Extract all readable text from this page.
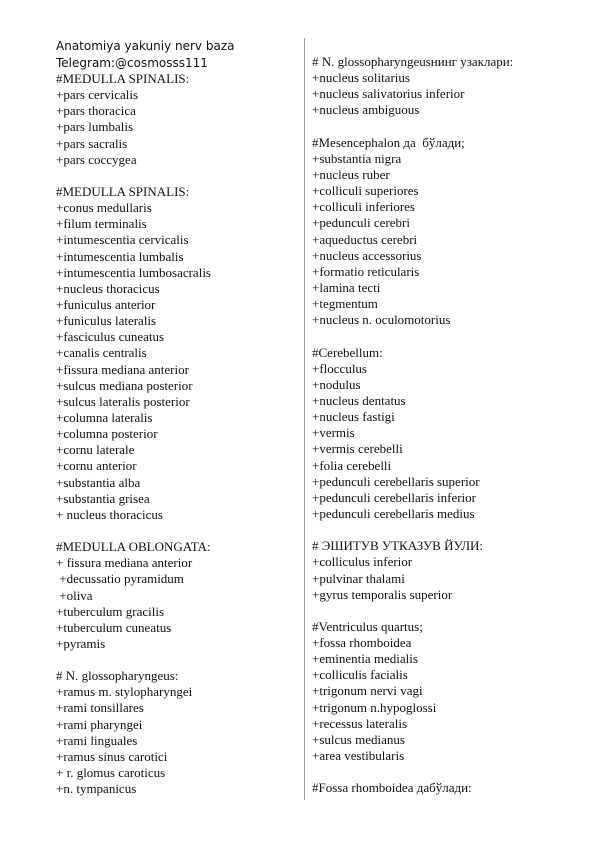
Anatomiya yakuniy nerv baza
Telegram:@cosmosss111
#MEDULLA SPINALIS:
+pars cervicalis
+pars thoracica
+pars lumbalis
+pars sacralis
+pars coccygea
#MEDULLA SPINALIS:
+conus medullaris
+filum terminalis
+intumescentia cervicalis
+intumescentia lumbalis
+intumescentia lumbosacralis
+nucleus thoracicus
+funiculus anterior
+funiculus lateralis
+fasciculus cuneatus
+canalis centralis
+fissura mediana anterior
+sulcus mediana posterior
+sulcus lateralis posterior
+columna lateralis
+columna posterior
+cornu laterale
+cornu anterior
+substantia alba
+substantia grisea
+ nucleus thoracicus
#MEDULLA OBLONGATA:
+ fissura mediana anterior
+decussatio pyramidum
+oliva
+tuberculum gracilis
+tuberculum cuneatus
+pyramis
# N. glossopharyngeus:
+ramus m. stylopharyngei
+rami tonsillares
+rami pharyngei
+rami linguales
+ramus sinus carotici
+ r. glomus caroticus
+n. tympanicus
# N. glossopharyngeusнинг узаклари:
+nucleus solitarius
+nucleus salivatorius inferior
+nucleus ambiguous
#Mesencephalon да  бўлади;
+substantia nigra
+nucleus ruber
+colliculi superiores
+colliculi inferiores
+pedunculi cerebri
+aqueductus cerebri
+nucleus accessorius
+formatio reticularis
+lamina tecti
+tegmentum
+nucleus n. oculomotorius
#Cerebellum:
+flocculus
+nodulus
+nucleus dentatus
+nucleus fastigi
+vermis
+vermis cerebelli
+folia cerebelli
+pedunculi cerebellaris superior
+pedunculi cerebellaris inferior
+pedunculi cerebellaris medius
# ЭШИТУВ УТКАЗУВ ЙУЛИ:
+colliculus inferior
+pulvinar thalami
+gyrus temporalis superior
#Ventriculus quartus;
+fossa rhomboidea
+eminentia medialis
+colliculis facialis
+trigonum nervi vagi
+trigonum n.hypoglossi
+recessus lateralis
+sulcus medianus
+area vestibularis
#Fossa rhomboidea дабўлади:
